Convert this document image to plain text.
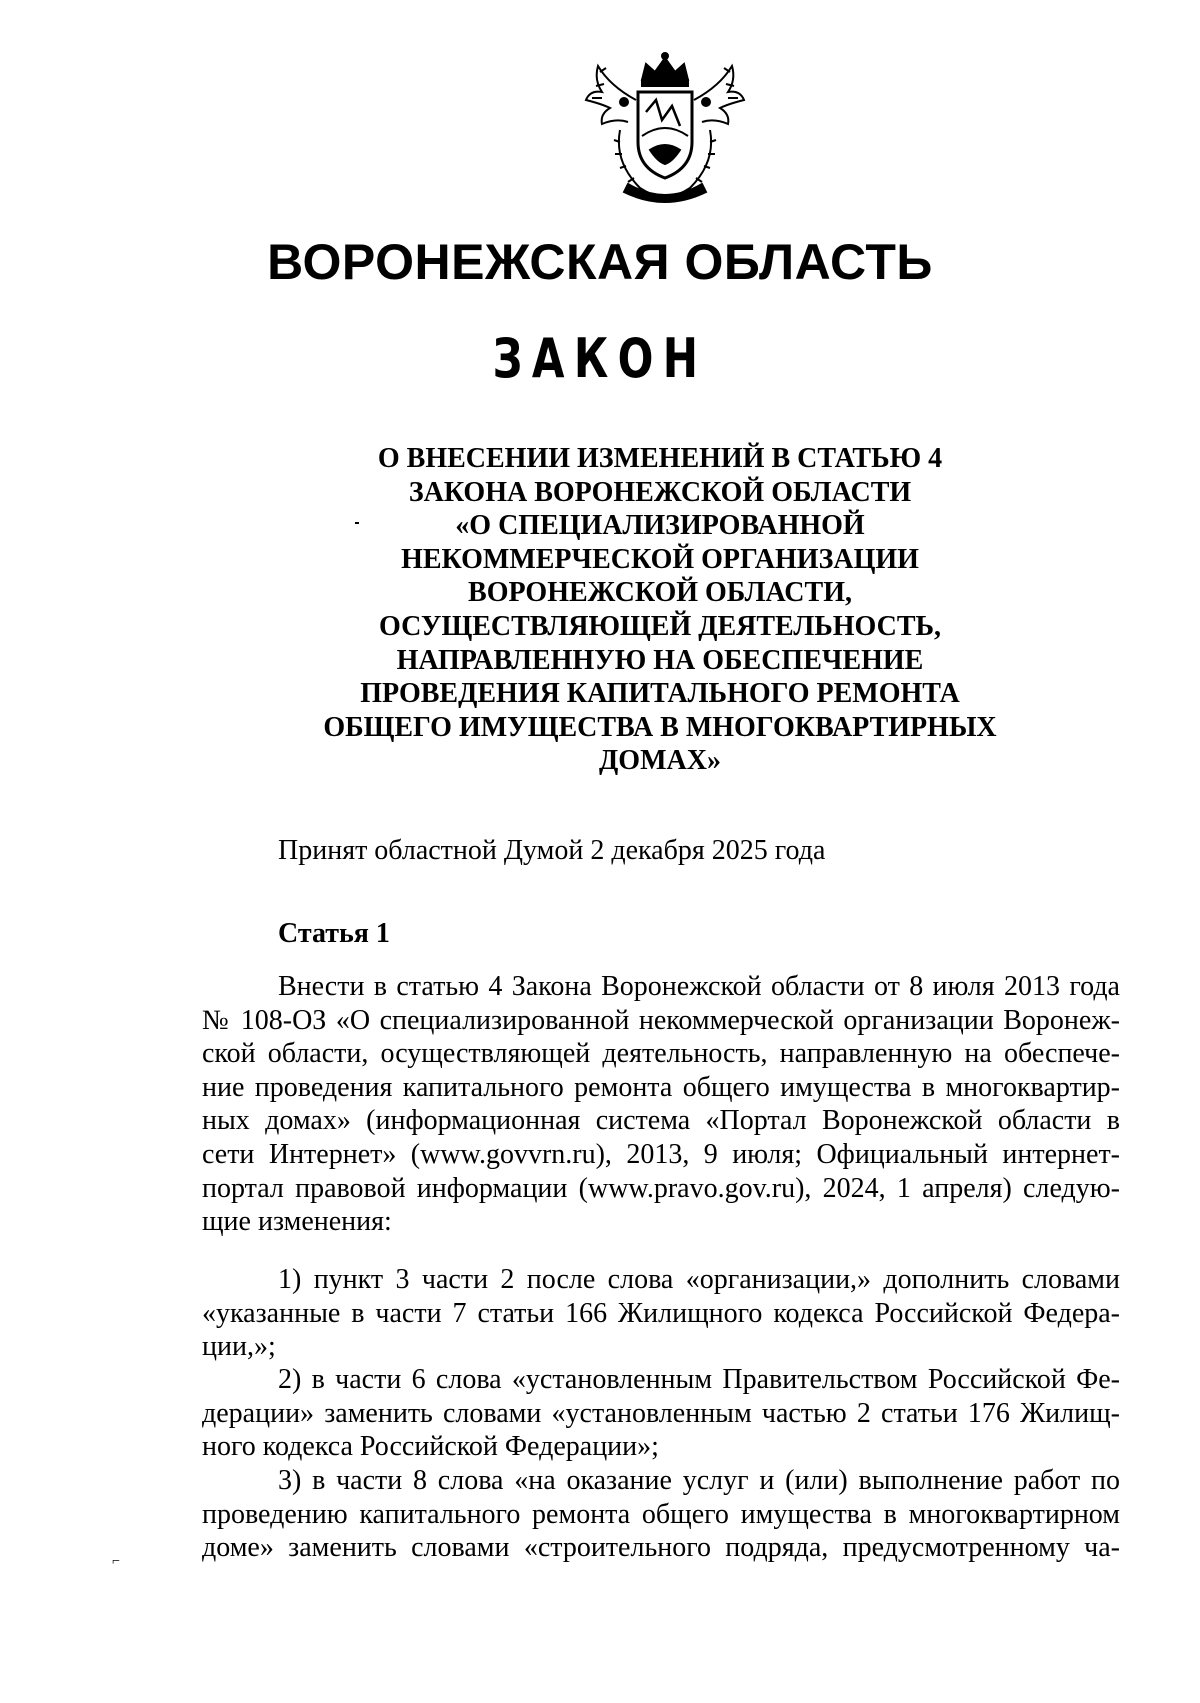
ВОРОНЕЖСКАЯ ОБЛАСТЬ
ЗАКОН
О ВНЕСЕНИИ ИЗМЕНЕНИЙ В СТАТЬЮ 4
ЗАКОНА ВОРОНЕЖСКОЙ ОБЛАСТИ
«О СПЕЦИАЛИЗИРОВАННОЙ
НЕКОММЕРЧЕСКОЙ ОРГАНИЗАЦИИ
ВОРОНЕЖСКОЙ ОБЛАСТИ,
ОСУЩЕСТВЛЯЮЩЕЙ ДЕЯТЕЛЬНОСТЬ,
НАПРАВЛЕННУЮ НА ОБЕСПЕЧЕНИЕ
ПРОВЕДЕНИЯ КАПИТАЛЬНОГО РЕМОНТА
ОБЩЕГО ИМУЩЕСТВА В МНОГОКВАРТИРНЫХ
ДОМАХ»
Принят областной Думой 2 декабря 2025 года
Статья 1
Внести в статью 4 Закона Воронежской области от 8 июля 2013 года
№ 108-ОЗ «О специализированной некоммерческой организации Воронеж-
ской области, осуществляющей деятельность, направленную на обеспече-
ние проведения капитального ремонта общего имущества в многоквартир-
ных домах» (информационная система «Портал Воронежской области в
сети Интернет» (www.govvrn.ru), 2013, 9 июля; Официальный интернет-
портал правовой информации (www.pravo.gov.ru), 2024, 1 апреля) следую-
щие изменения:
1) пункт 3 части 2 после слова «организации,» дополнить словами
«указанные в части 7 статьи 166 Жилищного кодекса Российской Федера-
ции,»;
2) в части 6 слова «установленным Правительством Российской Фе-
дерации» заменить словами «установленным частью 2 статьи 176 Жилищ-
ного кодекса Российской Федерации»;
3) в части 8 слова «на оказание услуг и (или) выполнение работ по
проведению капитального ремонта общего имущества в многоквартирном
доме» заменить словами «строительного подряда, предусмотренному ча-
⌐
